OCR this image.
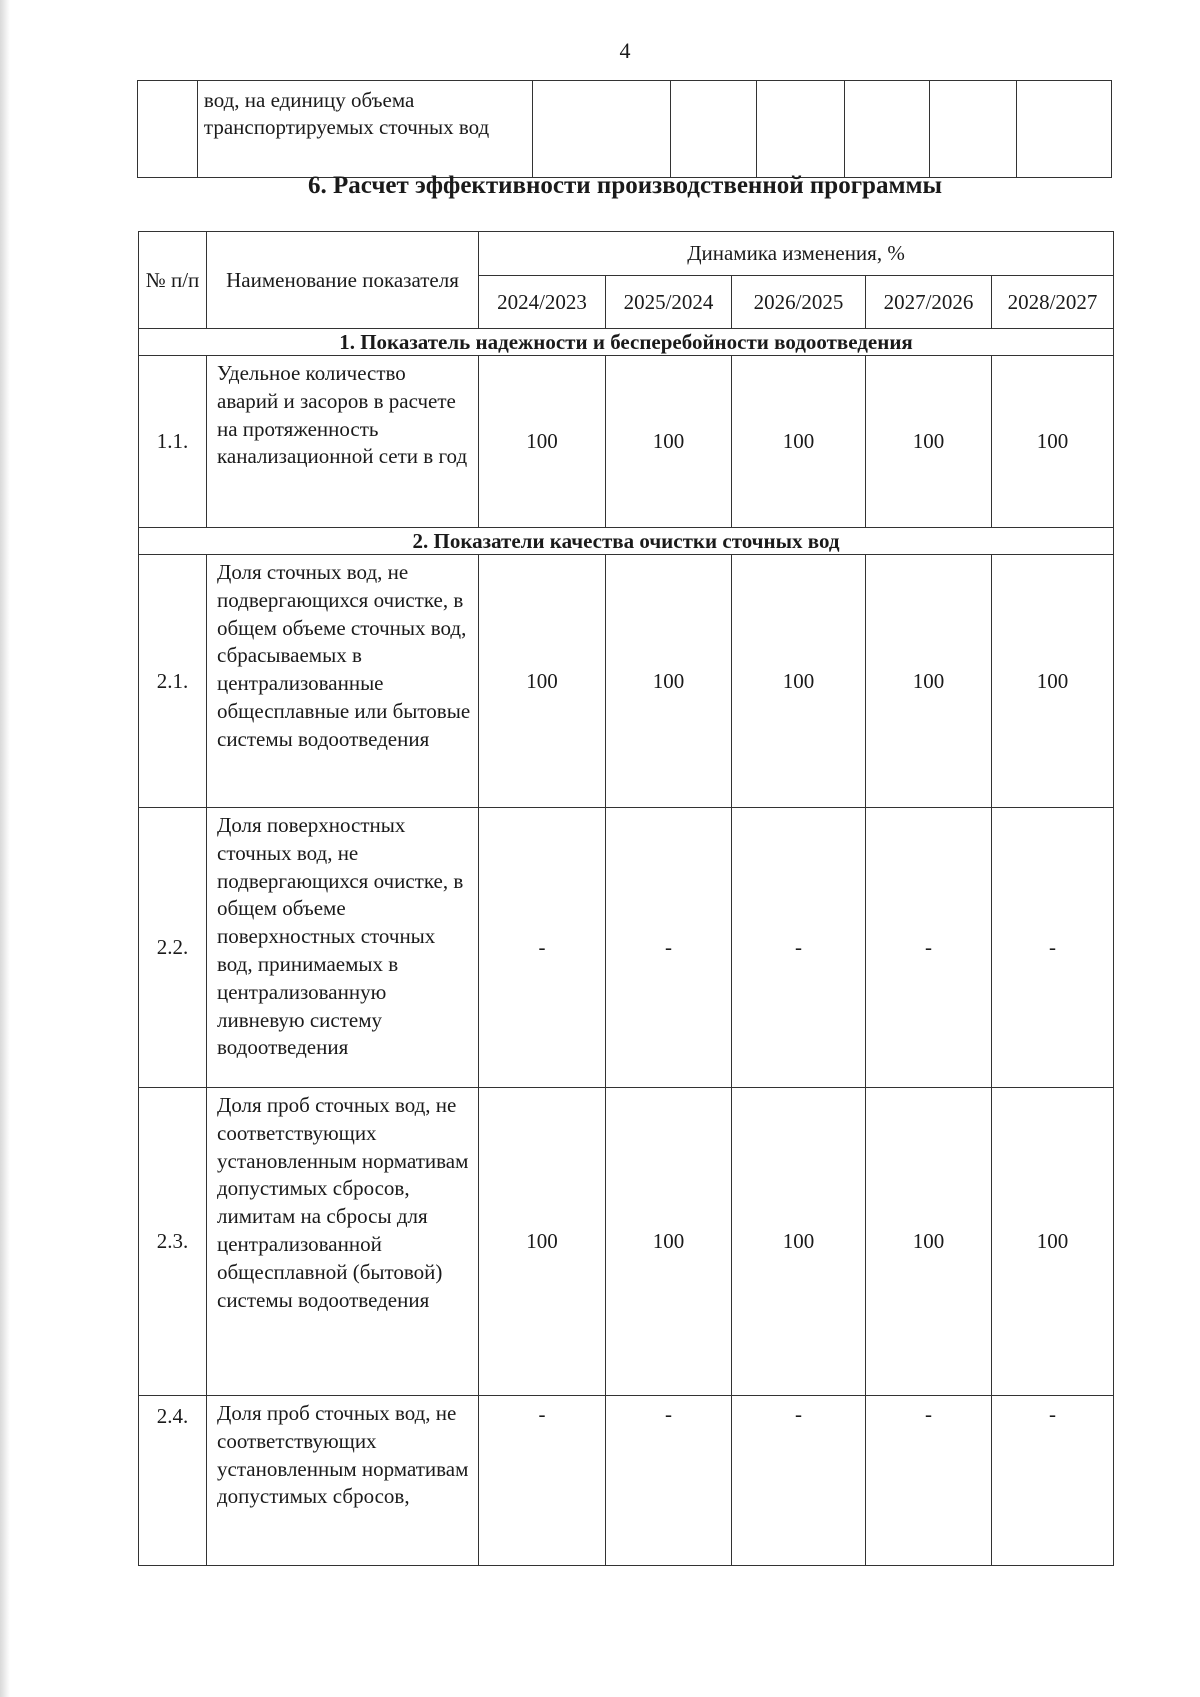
4
	вод, на единицу объема транспортируемых сточных вод						
6. Расчет эффективности производственной программы
№ п/п	Наименование показателя	Динамика изменения, %				
		2024/2023	2025/2024	2026/2025	2027/2026	2028/2027
1. Показатель надежности и бесперебойности водоотведения						
1.1.	Удельное количество аварий и засоров в расчете на протяженность канализационной сети в год	100	100	100	100	100
2. Показатели качества очистки сточных вод						
2.1.	Доля сточных вод, не подвергающихся очистке, в общем объеме сточных вод, сбрасываемых в централизованные общесплавные или бытовые системы водоотведения	100	100	100	100	100
2.2.	Доля поверхностных сточных вод, не подвергающихся очистке, в общем объеме поверхностных сточных вод, принимаемых в централизованную ливневую систему водоотведения	-	-	-	-	-
2.3.	Доля проб сточных вод, не соответствующих установленным нормативам допустимых сбросов, лимитам на сбросы для централизованной общесплавной (бытовой) системы водоотведения	100	100	100	100	100
2.4.	Доля проб сточных вод, не соответствующих установленным нормативам допустимых сбросов,	-	-	-	-	-
